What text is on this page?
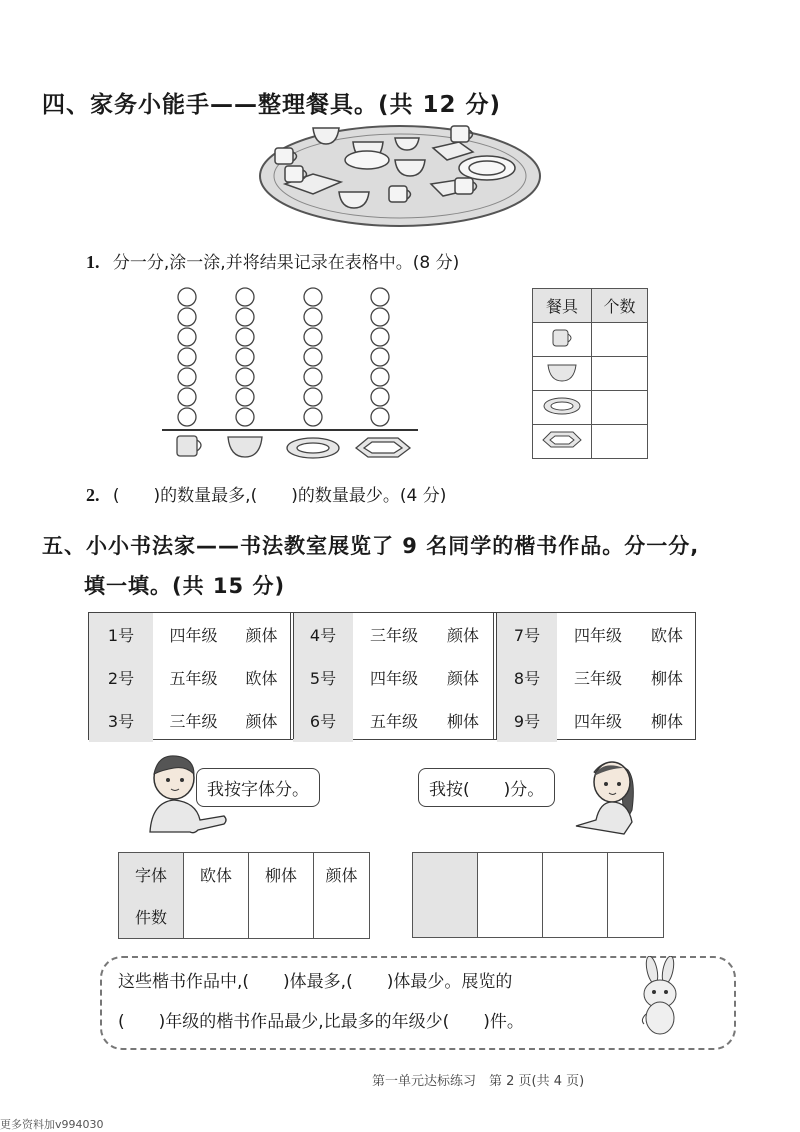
四、家务小能手——整理餐具。(共 12 分)
1. 分一分,涂一涂,并将结果记录在表格中。(8 分)
餐具	个数

2. (　　)的数量最多,(　　)的数量最少。(4 分)
五、小小书法家——书法教室展览了 9 名同学的楷书作品。分一分,
填一填。(共 15 分)
1号	四年级	颜体
2号	五年级	欧体
3号	三年级	颜体
4号	三年级	颜体
5号	四年级	颜体
6号	五年级	柳体
7号	四年级	欧体
8号	三年级	柳体
9号	四年级	柳体
我按字体分。	我按(　　)分。
字体	欧体	柳体	颜体
件数

这些楷书作品中,(　　)体最多,(　　)体最少。展览的
(　　)年级的楷书作品最少,比最多的年级少(　　)件。
第一单元达标练习　第 2 页(共 4 页)
更多资料加v994030
